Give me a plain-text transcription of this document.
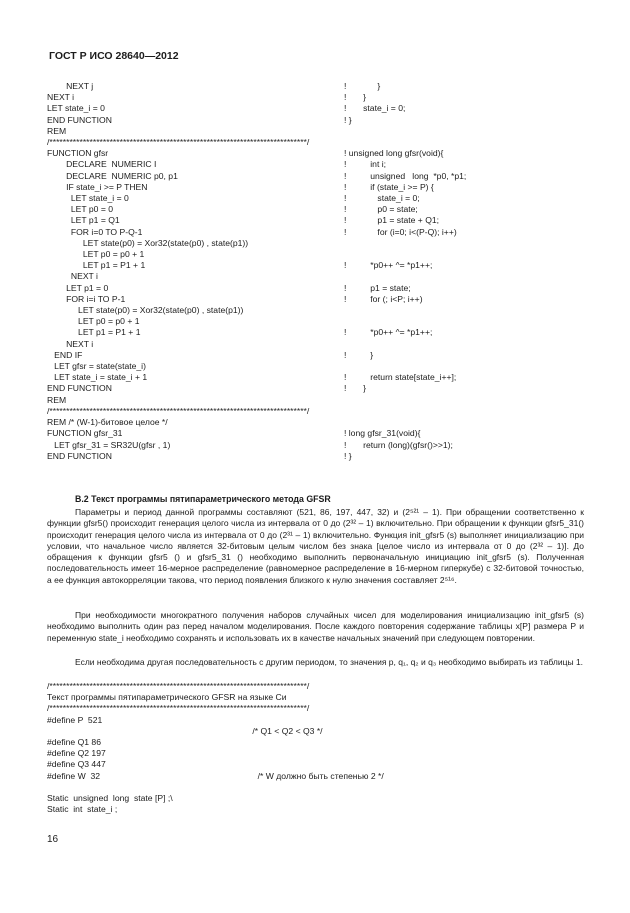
ГОСТ Р ИСО 28640—2012
NEXT j
NEXT i
LET state_i = 0
END FUNCTION
REM
/*****************************************************************************/
FUNCTION gfsr
DECLARE  NUMERIC I
DECLARE  NUMERIC p0, p1
IF state_i >= P THEN
LET state_i = 0
LET p0 = 0
LET p1 = Q1
FOR i=0 TO P-Q-1
LET state(p0) = Xor32(state(p0) , state(p1))
LET p0 = p0 + 1
LET p1 = P1 + 1
NEXT i
LET p1 = 0
FOR i=i TO P-1
LET state(p0) = Xor32(state(p0) , state(p1))
LET p0 = p0 + 1
LET p1 = P1 + 1
NEXT i
END IF
LET gfsr = state(state_i)
LET state_i = state_i + 1
END FUNCTION
REM
/*****************************************************************************/
REM /* (W-1)-битовое целое */
FUNCTION gfsr_31
LET gfsr_31 = SR32U(gfsr , 1)
END FUNCTION
!             }
!       }
!       state_i = 0;
! }

! unsigned long gfsr(void){
!          int i;
!          unsigned   long  *p0, *p1;
!          if (state_i >= P) {
!             state_i = 0;
!             p0 = state;
!             p1 = state + Q1;
!             for (i=0; i<(P-Q); i++)

!          *p0++ ^= *p1++;

!          p1 = state;
!          for (; i<P; i++)

!          *p0++ ^= *p1++;

!          }

!          return state[state_i++];
!       }

! long gfsr_31(void){
!       return (long)(gfsr()>>1);
! }
В.2 Текст программы пятипараметрического метода GFSR

Параметры и период данной программы составляют (521, 86, 197, 447, 32) и (2⁵²¹ – 1). При обращении соответственно к функции gfsr5() происходит генерация целого числа из интервала от 0 до (2³² – 1) включительно. При обращении к функции gfsr5_31() происходит генерация целого числа из интервала от 0 до (2³¹ – 1) включительно. Функция init_gfsr5 (s) выполняет инициализацию при условии, что начальное число является 32-битовым целым числом без знака [целое число из интервала от 0 до (2³² – 1)]. До обращения к функции gfsr5 () и gfsr5_31 () необходимо выполнить первоначальную инициацию init_gfsr5 (s). Полученная последовательность имеет 16-мерное распределение (равномерное распределение в 16-мерном гиперкубе) с 32-битовой точностью, а ее функция автокорреляции такова, что период появления близкого к нулю значения составляет 2⁵¹⁶.

При необходимости многократного получения наборов случайных чисел для моделирования инициализацию init_gfsr5 (s) необходимо выполнить один раз перед началом моделирования. После каждого повторения содержание таблицы x[P] размера P и переменную state_i необходимо сохранять и использовать их в качестве начальных значений при следующем повторении.

Если необходима другая последовательность с другим периодом, то значения p, q₁, q₂ и q₃ необходимо выбирать из таблицы 1.

/*****************************************************************************/
Текст программы пятипараметрического GFSR на языке Си
/*****************************************************************************/
#define P  521
/* Q1 < Q2 < Q3 */
#define Q1 86
#define Q2 197
#define Q3 447
#define W  32                                                                  /* W должно быть степенью 2 */

Static  unsigned  long  state [P] ;\
Static  int  state_i ;
16
